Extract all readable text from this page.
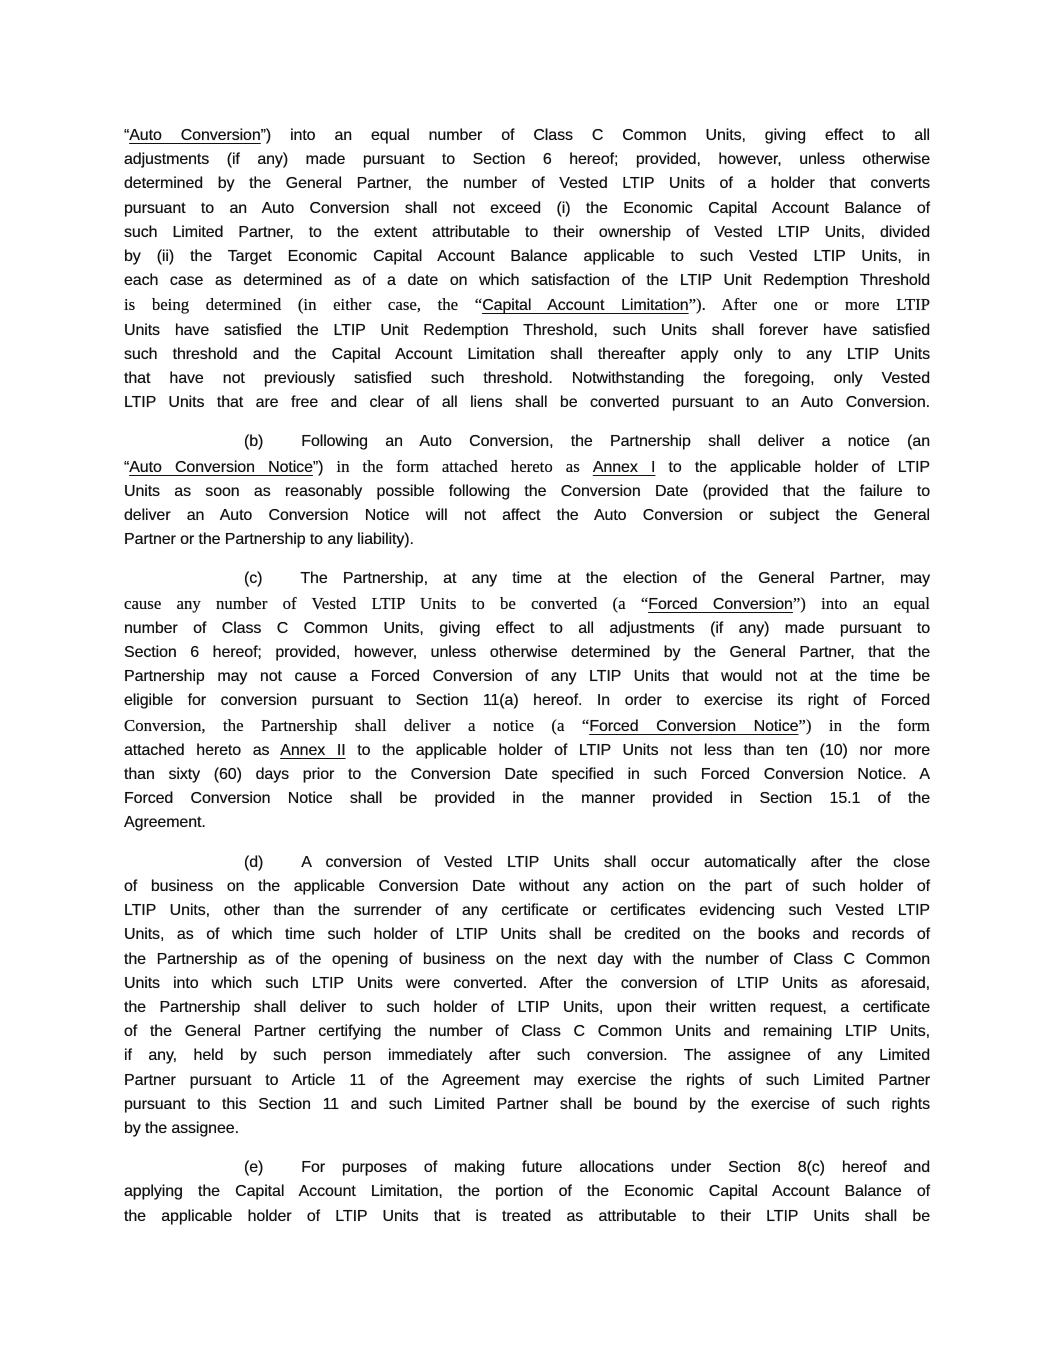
“Auto Conversion”) into an equal number of Class C Common Units, giving effect to all
adjustments (if any) made pursuant to Section 6 hereof; provided, however, unless otherwise
determined by the General Partner, the number of Vested LTIP Units of a holder that converts
pursuant to an Auto Conversion shall not exceed (i) the Economic Capital Account Balance of
such Limited Partner, to the extent attributable to their ownership of Vested LTIP Units, divided
by (ii) the Target Economic Capital Account Balance applicable to such Vested LTIP Units, in
each case as determined as of a date on which satisfaction of the LTIP Unit Redemption Threshold
is being determined (in either case, the “Capital Account Limitation”). After one or more LTIP
Units have satisfied the LTIP Unit Redemption Threshold, such Units shall forever have satisfied
such threshold and the Capital Account Limitation shall thereafter apply only to any LTIP Units
that have not previously satisfied such threshold. Notwithstanding the foregoing, only Vested
LTIP Units that are free and clear of all liens shall be converted pursuant to an Auto Conversion.
(b) Following an Auto Conversion, the Partnership shall deliver a notice (an
“Auto Conversion Notice”) in the form attached hereto as Annex I to the applicable holder of LTIP
Units as soon as reasonably possible following the Conversion Date (provided that the failure to
deliver an Auto Conversion Notice will not affect the Auto Conversion or subject the General
Partner or the Partnership to any liability).
(c) The Partnership, at any time at the election of the General Partner, may
cause any number of Vested LTIP Units to be converted (a “Forced Conversion”) into an equal
number of Class C Common Units, giving effect to all adjustments (if any) made pursuant to
Section 6 hereof; provided, however, unless otherwise determined by the General Partner, that the
Partnership may not cause a Forced Conversion of any LTIP Units that would not at the time be
eligible for conversion pursuant to Section 11(a) hereof. In order to exercise its right of Forced
Conversion, the Partnership shall deliver a notice (a “Forced Conversion Notice”) in the form
attached hereto as Annex II to the applicable holder of LTIP Units not less than ten (10) nor more
than sixty (60) days prior to the Conversion Date specified in such Forced Conversion Notice. A
Forced Conversion Notice shall be provided in the manner provided in Section 15.1 of the
Agreement.
(d) A conversion of Vested LTIP Units shall occur automatically after the close
of business on the applicable Conversion Date without any action on the part of such holder of
LTIP Units, other than the surrender of any certificate or certificates evidencing such Vested LTIP
Units, as of which time such holder of LTIP Units shall be credited on the books and records of
the Partnership as of the opening of business on the next day with the number of Class C Common
Units into which such LTIP Units were converted. After the conversion of LTIP Units as aforesaid,
the Partnership shall deliver to such holder of LTIP Units, upon their written request, a certificate
of the General Partner certifying the number of Class C Common Units and remaining LTIP Units,
if any, held by such person immediately after such conversion. The assignee of any Limited
Partner pursuant to Article 11 of the Agreement may exercise the rights of such Limited Partner
pursuant to this Section 11 and such Limited Partner shall be bound by the exercise of such rights
by the assignee.
(e) For purposes of making future allocations under Section 8(c) hereof and
applying the Capital Account Limitation, the portion of the Economic Capital Account Balance of
the applicable holder of LTIP Units that is treated as attributable to their LTIP Units shall be
